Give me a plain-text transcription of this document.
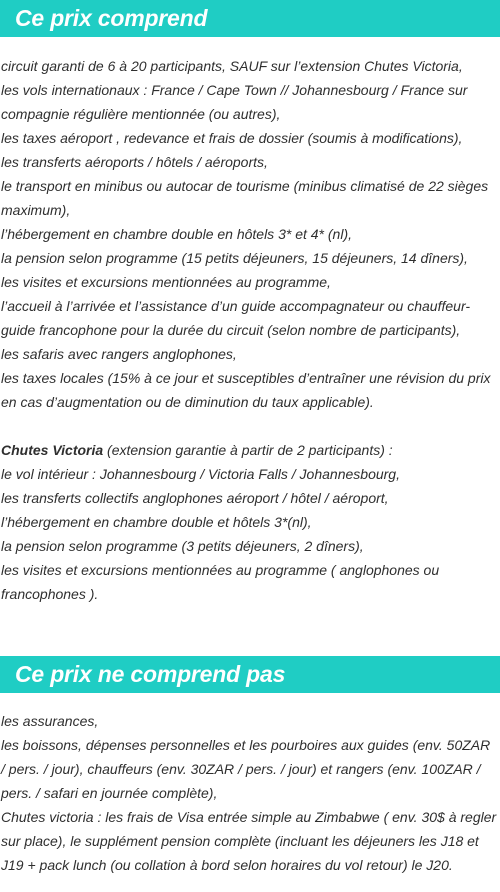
Ce prix comprend

circuit garanti de 6 à 20 participants, SAUF sur l’extension Chutes Victoria,

les vols internationaux : France / Cape Town // Johannesbourg / France sur compagnie régulière mentionnée (ou autres),

les taxes aéroport , redevance et frais de dossier (soumis à modifications),

les transferts aéroports / hôtels / aéroports,

le transport en minibus ou autocar de tourisme (minibus climatisé de 22 sièges maximum),

l’hébergement en chambre double en hôtels 3* et 4* (nl),

la pension selon programme (15 petits déjeuners, 15 déjeuners, 14 dîners),

les visites et excursions mentionnées au programme,

l’accueil à l’arrivée et l’assistance d’un guide accompagnateur ou chauffeur-guide francophone pour la durée du circuit (selon nombre de participants),

les safaris avec rangers anglophones,

les taxes locales (15% à ce jour et susceptibles d’entraîner une révision du prix en cas d’augmentation ou de diminution du taux applicable).

Chutes Victoria (extension garantie à partir de 2 participants) :

le vol intérieur : Johannesbourg / Victoria Falls / Johannesbourg,

les transferts collectifs anglophones aéroport / hôtel / aéroport,

l’hébergement en chambre double et hôtels 3*(nl),

la pension selon programme (3 petits déjeuners, 2 dîners),

les visites et excursions mentionnées au programme ( anglophones ou francophones ).

Ce prix ne comprend pas

les assurances,

les boissons, dépenses personnelles et les pourboires aux guides (env. 50ZAR / pers. / jour), chauffeurs (env. 30ZAR / pers. / jour) et rangers (env. 100ZAR / pers. / safari en journée complète),

Chutes victoria : les frais de Visa entrée simple au Zimbabwe ( env. 30$ à regler sur place), le supplément pension complète (incluant les déjeuners les J18 et J19 + pack lunch (ou collation à bord selon horaires du vol retour) le J20.
